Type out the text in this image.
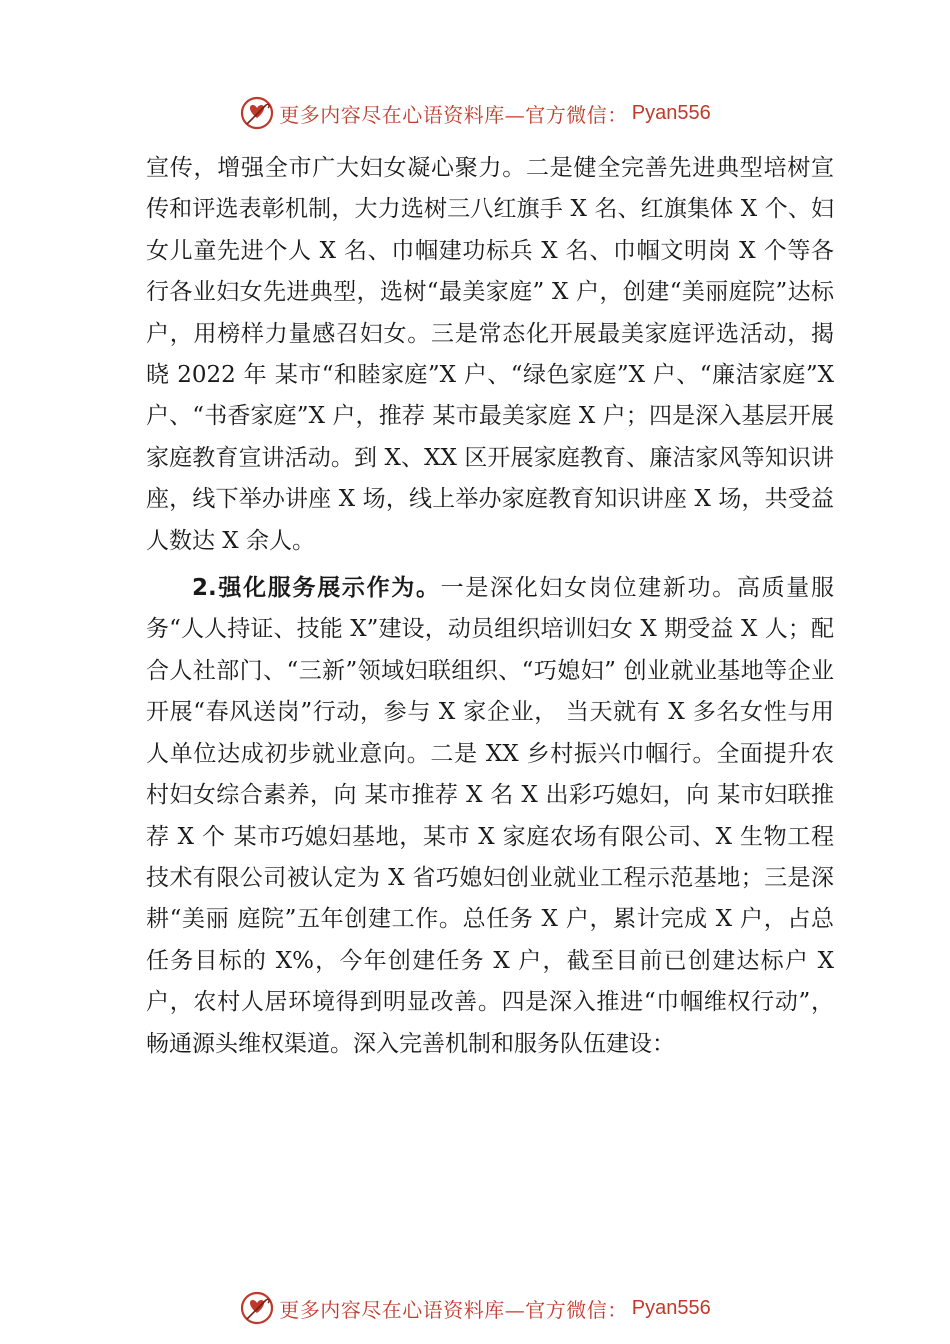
更多内容尽在心语资料库—官方微信： Pyan556

宣传，增强全市广大妇女凝心聚力。二是健全完善先进典型培树宣传和评选表彰机制，大力选树三八红旗手 X 名、红旗集体 X 个、妇女儿童先进个人 X 名、巾帼建功标兵 X 名、巾帼文明岗 X 个等各行各业妇女先进典型，选树“最美家庭” X 户，创建“美丽庭院”达标户，用榜样力量感召妇女。三是常态化开展最美家庭评选活动，揭晓 2022 年 某市“和睦家庭”X 户、“绿色家庭”X 户、“廉洁家庭”X 户、“书香家庭”X 户，推荐 某市最美家庭 X 户；四是深入基层开展家庭教育宣讲活动。到 X、XX 区开展家庭教育、廉洁家风等知识讲座，线下举办讲座 X 场，线上举办家庭教育知识讲座 X 场，共受益人数达 X 余人。

2.强化服务展示作为。一是深化妇女岗位建新功。高质量服务“人人持证、技能 X”建设，动员组织培训妇女 X 期受益 X 人；配合人社部门、“三新”领域妇联组织、“巧媳妇” 创业就业基地等企业开展“春风送岗”行动，参与 X 家企业， 当天就有 X 多名女性与用人单位达成初步就业意向。二是 XX 乡村振兴巾帼行。全面提升农村妇女综合素养，向 某市推荐 X 名 X 出彩巧媳妇，向 某市妇联推荐 X 个 某市巧媳妇基地，某市 X 家庭农场有限公司、X 生物工程技术有限公司被认定为 X 省巧媳妇创业就业工程示范基地；三是深耕“美丽 庭院”五年创建工作。总任务 X 户，累计完成 X 户，占总任务目标的 X%，今年创建任务 X 户，截至目前已创建达标户 X 户，农村人居环境得到明显改善。四是深入推进“巾帼维权行动”，畅通源头维权渠道。深入完善机制和服务队伍建设：

更多内容尽在心语资料库—官方微信： Pyan556
